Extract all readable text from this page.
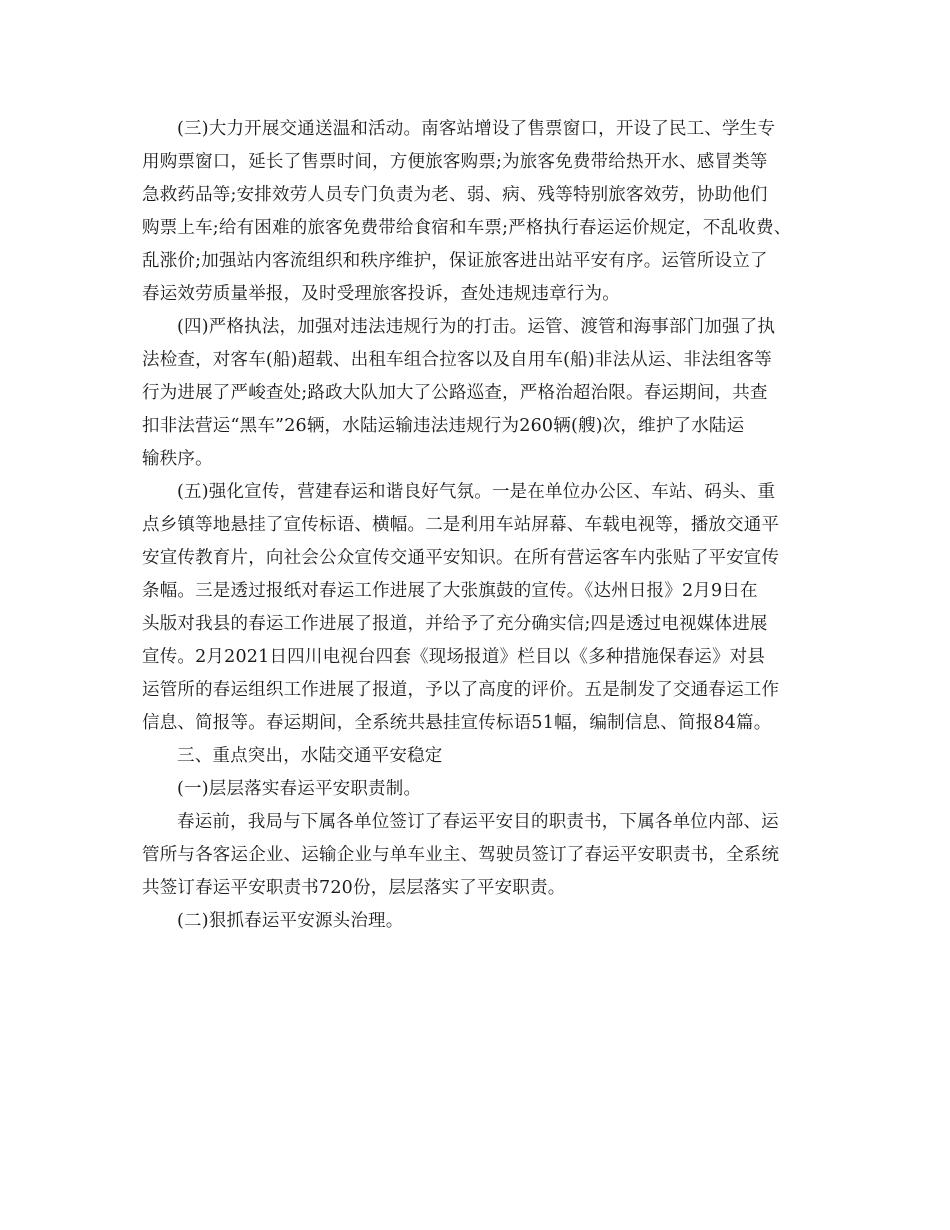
(三)大力开展交通送温和活动。南客站增设了售票窗口，开设了民工、学生专
用购票窗口，延长了售票时间，方便旅客购票;为旅客免费带给热开水、感冒类等
急救药品等;安排效劳人员专门负责为老、弱、病、残等特别旅客效劳，协助他们
购票上车;给有困难的旅客免费带给食宿和车票;严格执行春运运价规定，不乱收费、
乱涨价;加强站内客流组织和秩序维护，保证旅客进出站平安有序。运管所设立了
春运效劳质量举报，及时受理旅客投诉，查处违规违章行为。
(四)严格执法，加强对违法违规行为的打击。运管、渡管和海事部门加强了执
法检查，对客车(船)超载、出租车组合拉客以及自用车(船)非法从运、非法组客等
行为进展了严峻查处;路政大队加大了公路巡查，严格治超治限。春运期间，共查
扣非法营运“黑车”26辆，水陆运输违法违规行为260辆(艘)次，维护了水陆运
输秩序。
(五)强化宣传，营建春运和谐良好气氛。一是在单位办公区、车站、码头、重
点乡镇等地悬挂了宣传标语、横幅。二是利用车站屏幕、车载电视等，播放交通平
安宣传教育片，向社会公众宣传交通平安知识。在所有营运客车内张贴了平安宣传
条幅。三是透过报纸对春运工作进展了大张旗鼓的宣传。《达州日报》2月9日在
头版对我县的春运工作进展了报道，并给予了充分确实信;四是透过电视媒体进展
宣传。2月2021日四川电视台四套《现场报道》栏目以《多种措施保春运》对县
运管所的春运组织工作进展了报道，予以了高度的评价。五是制发了交通春运工作
信息、简报等。春运期间，全系统共悬挂宣传标语51幅，编制信息、简报84篇。
三、重点突出，水陆交通平安稳定
(一)层层落实春运平安职责制。
春运前，我局与下属各单位签订了春运平安目的职责书，下属各单位内部、运
管所与各客运企业、运输企业与单车业主、驾驶员签订了春运平安职责书，全系统
共签订春运平安职责书720份，层层落实了平安职责。
(二)狠抓春运平安源头治理。
